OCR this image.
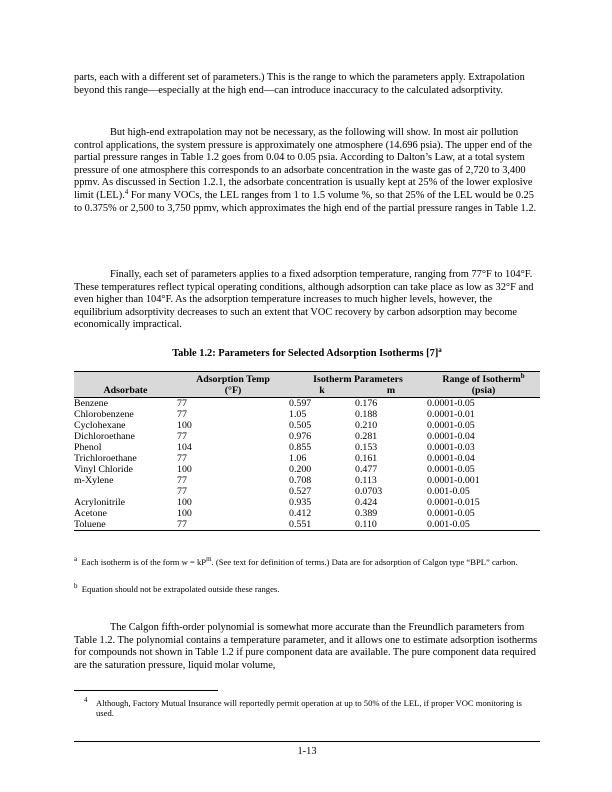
parts, each with a different set of parameters.) This is the range to which the parameters apply. Extrapolation beyond this range—especially at the high end—can introduce inaccuracy to the calculated adsorptivity.

But high-end extrapolation may not be necessary, as the following will show. In most air pollution control applications, the system pressure is approximately one atmosphere (14.696 psia). The upper end of the partial pressure ranges in Table 1.2 goes from 0.04 to 0.05 psia. According to Dalton’s Law, at a total system pressure of one atmosphere this corresponds to an adsorbate concentration in the waste gas of 2,720 to 3,400 ppmv. As discussed in Section 1.2.1, the adsorbate concentration is usually kept at 25% of the lower explosive limit (LEL).$^4$ For many VOCs, the LEL ranges from 1 to 1.5 volume %, so that 25% of the LEL would be 0.25 to 0.375% or 2,500 to 3,750 ppmv, which approximates the high end of the partial pressure ranges in Table 1.2.

Finally, each set of parameters applies to a fixed adsorption temperature, ranging from 77°F to 104°F. These temperatures reflect typical operating conditions, although adsorption can take place as low as 32°F and even higher than 104°F. As the adsorption temperature increases to much higher levels, however, the equilibrium adsorptivity decreases to such an extent that VOC recovery by carbon adsorption may become economically impractical.

Table 1.2: Parameters for Selected Adsorption Isotherms $[7]^a$
	Adsorption Temp	Isotherm Parameters		Range of Isotherm$^b$
Adsorbate	(°F)	k	m	(psia)
Benzene	77	0.597	0.176	0.0001-0.05
Chlorobenzene	77	1.05	0.188	0.0001-0.01
Cyclohexane	100	0.505	0.210	0.0001-0.05
Dichloroethane	77	0.976	0.281	0.0001-0.04
Phenol	104	0.855	0.153	0.0001-0.03
Trichloroethane	77	1.06	0.161	0.0001-0.04
Vinyl Chloride	100	0.200	0.477	0.0001-0.05
m-Xylene	77	0.708	0.113	0.0001-0.001
	77	0.527	0.0703	0.001-0.05
Acrylonitrile	100	0.935	0.424	0.0001-0.015
Acetone	100	0.412	0.389	0.0001-0.05
Toluene	77	0.551	0.110	0.001-0.05

$^a$ Each isotherm is of the form $w = kP^m$. (See text for definition of terms.) Data are for adsorption of Calgon type “BPL” carbon.

$^b$ Equation should not be extrapolated outside these ranges.

The Calgon fifth-order polynomial is somewhat more accurate than the Freundlich parameters from Table 1.2. The polynomial contains a temperature parameter, and it allows one to estimate adsorption isotherms for compounds not shown in Table 1.2 if pure component data are available. The pure component data required are the saturation pressure, liquid molar volume,

4 Although, Factory Mutual Insurance will reportedly permit operation at up to 50% of the LEL, if proper VOC monitoring is used.

1-13
